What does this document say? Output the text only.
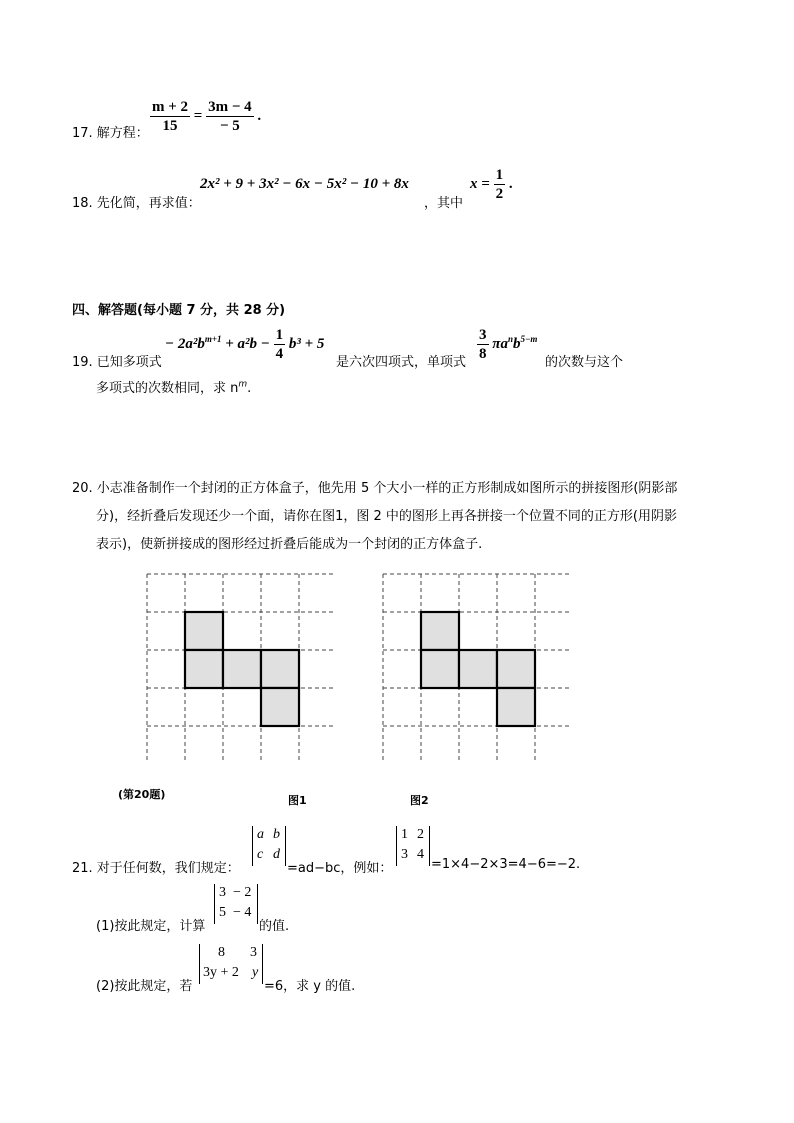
17. 解方程： $\frac{m + 2}{15} = \frac{3m - 4}{- 5}$ .
18. 先化简，再求值：
2x² + 9 + 3x² − 6x − 5x² − 10 + 8x
，其中
$x = \frac{1}{2}$ .
四、解答题(每小题 7 分，共 28 分)
19. 已知多项式
− $2a^2b^{m+1} + a^2b - \frac{1}{4} b^3 + 5$
是六次四项式，单项式 $\frac{3}{8} \pi a^nb^{5-m}$
的次数与这个
多项式的次数相同，求 $n^m$.
20. 小志准备制作一个封闭的正方体盒子，他先用 5 个大小一样的正方形制成如图所示的拼接图形(阴影部
分)，经折叠后发现还少一个面，请你在图1，图 2 中的图形上再各拼接一个位置不同的正方形(用阴影
表示)，使新拼接成的图形经过折叠后能成为一个封闭的正方体盒子.
(第20题)	图1	图2
21. 对于任何数，我们规定：
a b
c d
=ad−bc，例如：
1 2
3 4
=1×4−2×3=4−6=−2.
(1)按此规定，计算
3 − 2
5 − 4
的值.
(2)按此规定，若
8 3
3y + 2 y
=6，求 y 的值.
